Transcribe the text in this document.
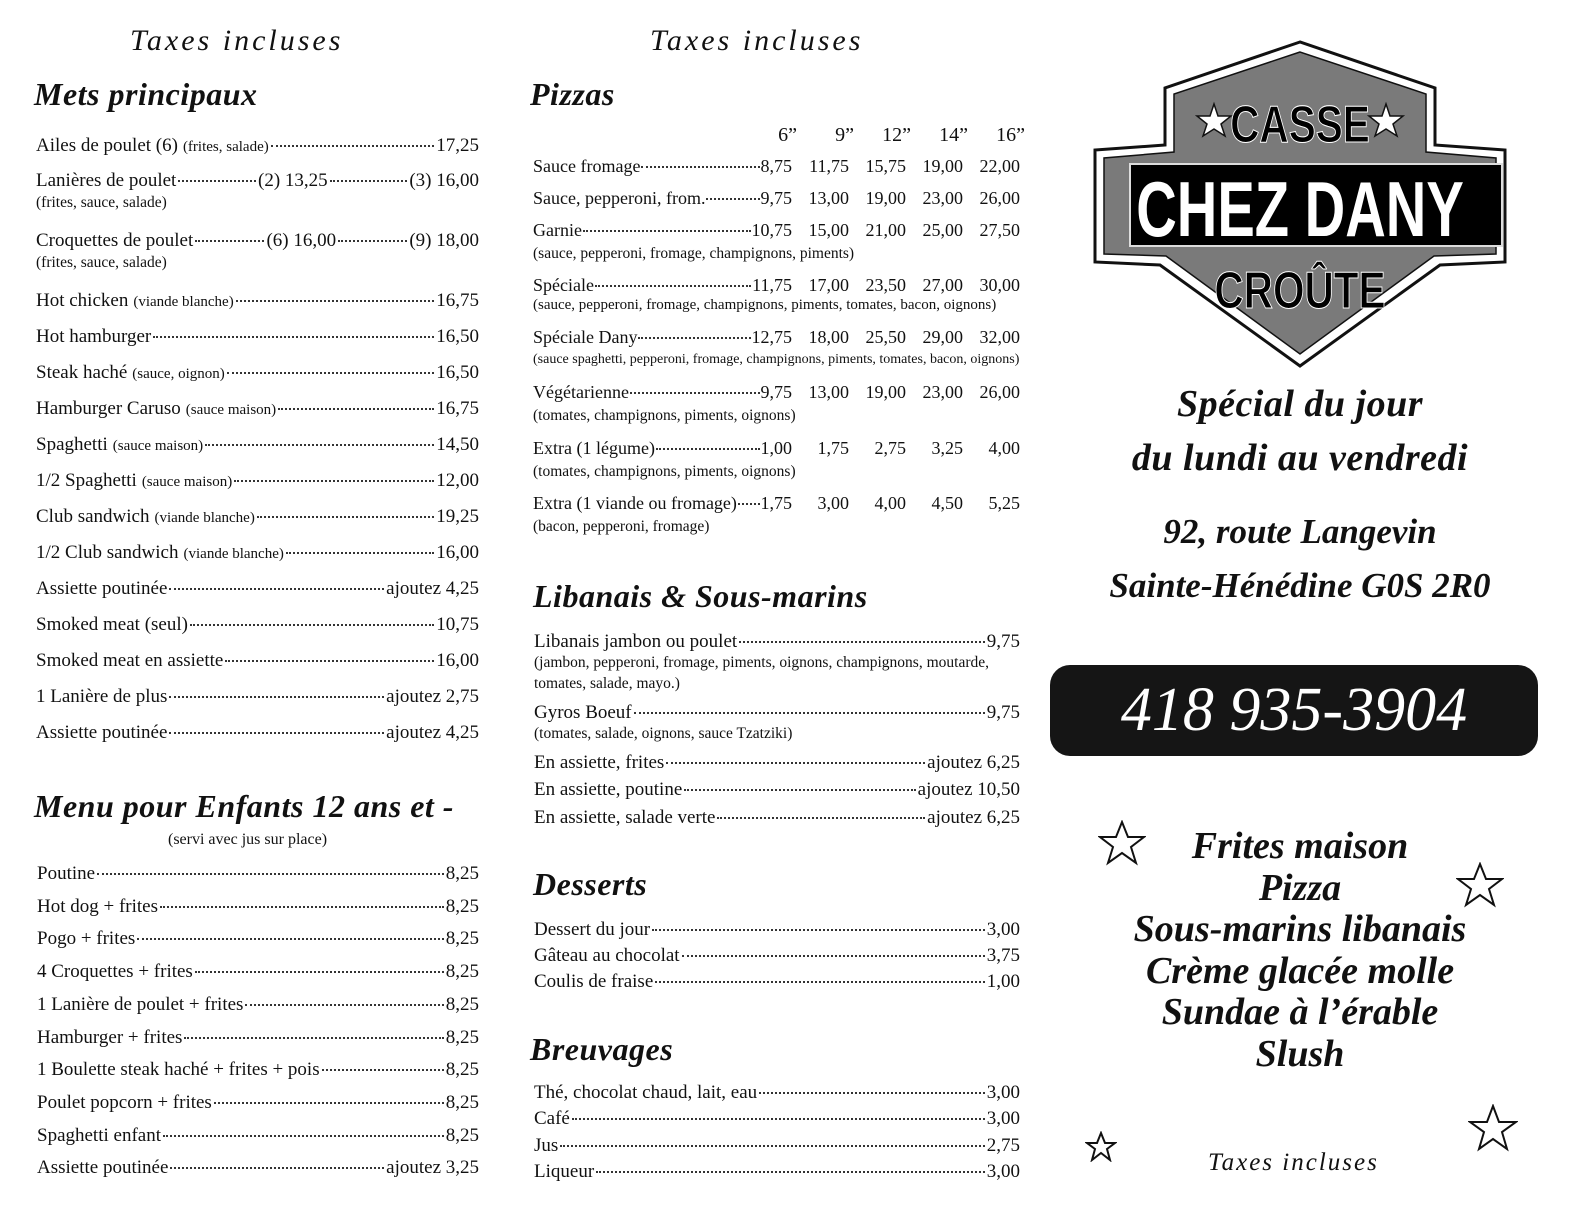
Taxes incluses
Mets principaux
Ailes de poulet (6) (frites, salade)	17,25
Lanières de poulet	(2) 13,25	(3) 16,00
(frites, sauce, salade)
Croquettes de poulet	(6) 16,00	(9) 18,00
(frites, sauce, salade)
Hot chicken (viande blanche)	16,75
Hot hamburger	16,50
Steak haché (sauce, oignon)	16,50
Hamburger Caruso (sauce maison)	16,75
Spaghetti (sauce maison)	14,50
1/2 Spaghetti (sauce maison)	12,00
Club sandwich (viande blanche)	19,25
1/2 Club sandwich (viande blanche)	16,00
Assiette poutinée	ajoutez 4,25
Smoked meat (seul)	10,75
Smoked meat en assiette	16,00
1 Lanière de plus	ajoutez 2,75
Assiette poutinée	ajoutez 4,25
Menu pour Enfants 12 ans et -
(servi avec jus sur place)
Poutine	8,25
Hot dog + frites	8,25
Pogo + frites	8,25
4 Croquettes + frites	8,25
1 Lanière de poulet + frites	8,25
Hamburger + frites	8,25
1 Boulette steak haché + frites + pois	8,25
Poulet popcorn + frites	8,25
Spaghetti enfant	8,25
Assiette poutinée	ajoutez 3,25
Taxes incluses
Pizzas
6”	9”	12”	14”	16”
Sauce fromage	8,75 11,75 15,75 19,00 22,00
Sauce, pepperoni, from.	9,75 13,00 19,00 23,00 26,00
Garnie	10,75 15,00 21,00 25,00 27,50
(sauce, pepperoni, fromage, champignons, piments)
Spéciale	11,75 17,00 23,50 27,00 30,00
(sauce, pepperoni, fromage, champignons, piments, tomates, bacon, oignons)
Spéciale Dany	12,75 18,00 25,50 29,00 32,00
(sauce spaghetti, pepperoni, fromage, champignons, piments, tomates, bacon, oignons)
Végétarienne	9,75 13,00 19,00 23,00 26,00
(tomates, champignons, piments, oignons)
Extra (1 légume)	1,00	1,75	2,75	3,25	4,00
(tomates, champignons, piments, oignons)
Extra (1 viande ou fromage) 1,75	3,00	4,00	4,50	5,25
(bacon, pepperoni, fromage)
Libanais & Sous-marins
Libanais jambon ou poulet	9,75
(jambon, pepperoni, fromage, piments, oignons, champignons, moutarde,
tomates, salade, mayo.)
Gyros Boeuf	9,75
(tomates, salade, oignons, sauce Tzatziki)
En assiette, frites	ajoutez 6,25
En assiette, poutine	ajoutez 10,50
En assiette, salade verte	ajoutez 6,25
Desserts
Dessert du jour	3,00
Gâteau au chocolat	3,75
Coulis de fraise	1,00
Breuvages
Thé, chocolat chaud, lait, eau	3,00
Café	3,00
Jus	2,75
Liqueur	3,00
CASSE
CHEZ DANY
CROÛTE
Spécial du jour
du lundi au vendredi
92, route Langevin
Sainte-Hénédine G0S 2R0
418 935-3904
Frites maison
Pizza
Sous-marins libanais
Crème glacée molle
Sundae à l’érable
Slush
Taxes incluses
